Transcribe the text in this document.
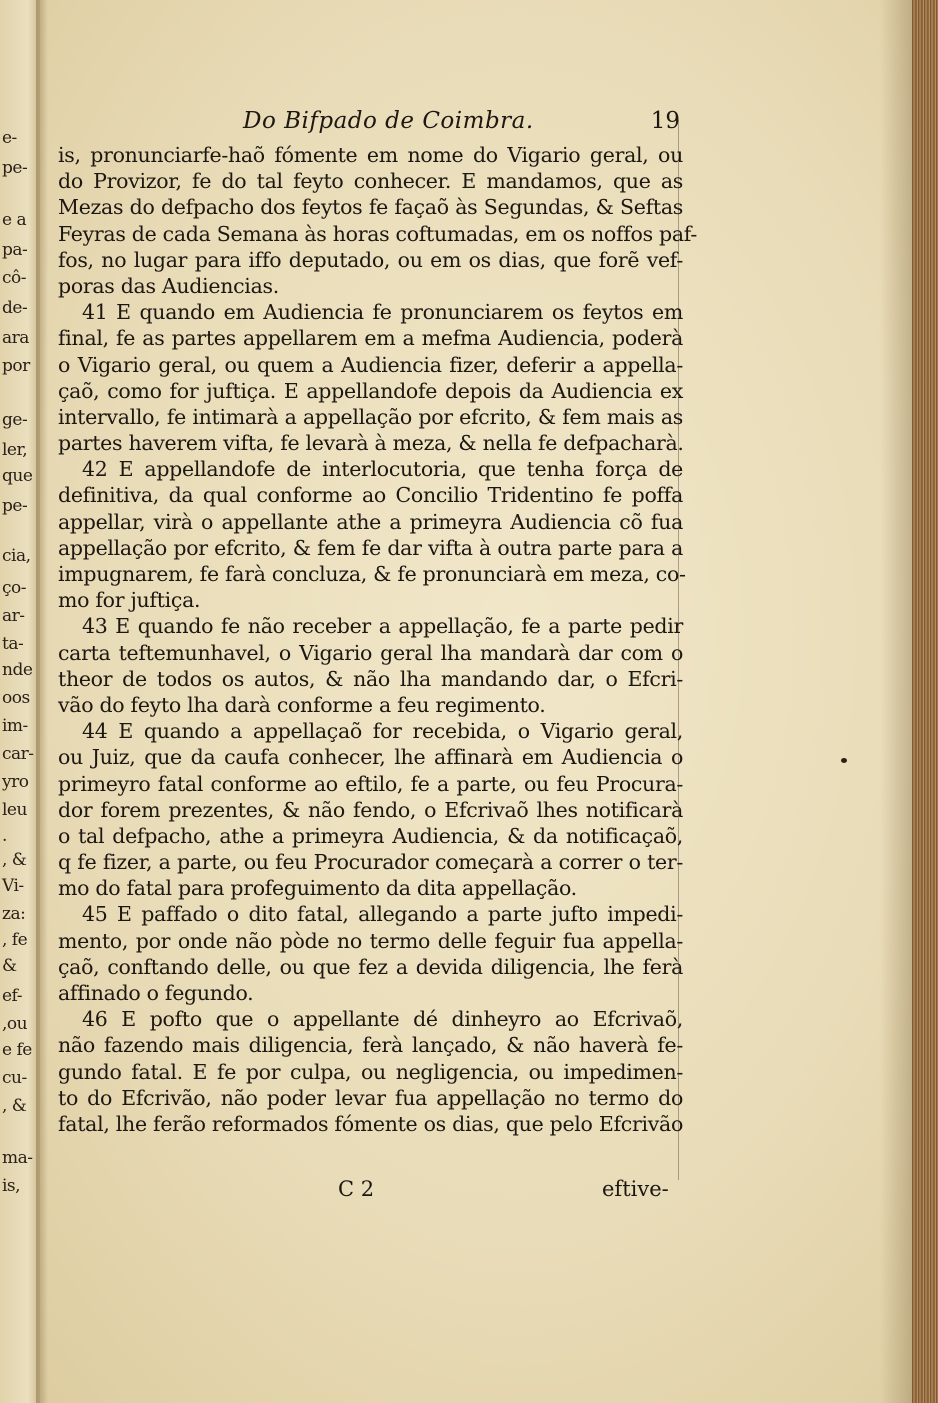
e-
ре-
e a
pa-
cô-
de-
ara
por
ge-
ler,
que
pe-
cia,
ço-
ar-
ta-
nde
oos
im-
car-
yro
leu
.
, &
Vi-
za:
, fe
&
ef-
,ou
e fe
cu-
, &
ma-
is,
Do Bifpado de Coimbra.	19
is, pronunciarfe-haõ fómente em nome do Vigario geral, ou
do Provizor, fe do tal feyto conhecer. E mandamos, que as
Mezas do defpacho dos feytos fe façaõ às Segundas, & Seftas
Feyras de cada Semana às horas coftumadas, em os noffos paf-
fos, no lugar para iffo deputado, ou em os dias, que forẽ vef-
poras das Audiencias.
41 E quando em Audiencia fe pronunciarem os feytos em
final, fe as partes appellarem em a mefma Audiencia, poderà
o Vigario geral, ou quem a Audiencia fizer, deferir a appella-
çaõ, como for juftiça. E appellandofe depois da Audiencia ex
intervallo, fe intimarà a appellação por efcrito, & fem mais as
partes haverem vifta, fe levarà à meza, & nella fe defpacharà.
42 E appellandofe de interlocutoria, que tenha força de
definitiva, da qual conforme ao Concilio Tridentino fe poffa
appellar, virà o appellante athe a primeyra Audiencia cõ fua
appellação por efcrito, & fem fe dar vifta à outra parte para a
impugnarem, fe farà concluza, & fe pronunciarà em meza, co-
mo for juftiça.
43 E quando fe não receber a appellação, fe a parte pedir
carta teftemunhavel, o Vigario geral lha mandarà dar com o
theor de todos os autos, & não lha mandando dar, o Efcri-
vão do feyto lha darà conforme a feu regimento.
44 E quando a appellaçaõ for recebida, o Vigario geral,
ou Juiz, que da caufa conhecer, lhe affinarà em Audiencia o
primeyro fatal conforme ao eftilo, fe a parte, ou feu Procura-
dor forem prezentes, & não fendo, o Efcrivaõ lhes notificarà
o tal defpacho, athe a primeyra Audiencia, & da notificaçaõ,
q fe fizer, a parte, ou feu Procurador começarà a correr o ter-
mo do fatal para profeguimento da dita appellação.
45 E paffado o dito fatal, allegando a parte jufto impedi-
mento, por onde não pòde no termo delle feguir fua appella-
çaõ, conftando delle, ou que fez a devida diligencia, lhe ferà
affinado o fegundo.
46 E pofto que o appellante dé dinheyro ao Efcrivaõ,
não fazendo mais diligencia, ferà lançado, & não haverà fe-
gundo fatal. E fe por culpa, ou negligencia, ou impedimen-
to do Efcrivão, não poder levar fua appellação no termo do
fatal, lhe ferão reformados fómente os dias, que pelo Efcrivão
C 2	eftive-
